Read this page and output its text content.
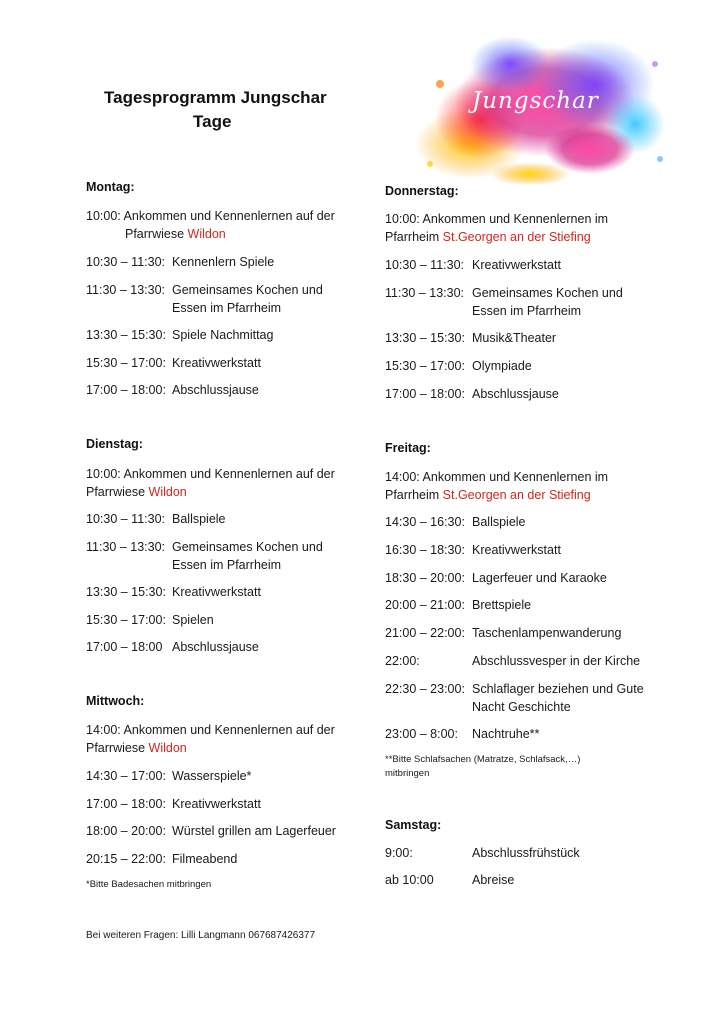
Tagesprogramm Jungschar
Tage
Jungschar
Montag:
10:00: Ankommen und Kennenlernen auf der
Pfarrwiese Wildon
10:30 – 11:30: Kennenlern Spiele
11:30 – 13:30: Gemeinsames Kochen und
Essen im Pfarrheim
13:30 – 15:30: Spiele Nachmittag
15:30 – 17:00: Kreativwerkstatt
17:00 – 18:00: Abschlussjause
Dienstag:
10:00: Ankommen und Kennenlernen auf der
Pfarrwiese Wildon
10:30 – 11:30: Ballspiele
11:30 – 13:30: Gemeinsames Kochen und
Essen im Pfarrheim
13:30 – 15:30: Kreativwerkstatt
15:30 – 17:00: Spielen
17:00 – 18:00 Abschlussjause
Mittwoch:
14:00: Ankommen und Kennenlernen auf der
Pfarrwiese Wildon
14:30 – 17:00: Wasserspiele*
17:00 – 18:00: Kreativwerkstatt
18:00 – 20:00: Würstel grillen am Lagerfeuer
20:15 – 22:00: Filmeabend
*Bitte Badesachen mitbringen
Bei weiteren Fragen: Lilli Langmann 067687426377
Donnerstag:
10:00: Ankommen und Kennenlernen im
Pfarrheim St.Georgen an der Stiefing
10:30 – 11:30: Kreativwerkstatt
11:30 – 13:30: Gemeinsames Kochen und
Essen im Pfarrheim
13:30 – 15:30: Musik&Theater
15:30 – 17:00: Olympiade
17:00 – 18:00: Abschlussjause
Freitag:
14:00: Ankommen und Kennenlernen im
Pfarrheim St.Georgen an der Stiefing
14:30 – 16:30: Ballspiele
16:30 – 18:30: Kreativwerkstatt
18:30 – 20:00: Lagerfeuer und Karaoke
20:00 – 21:00: Brettspiele
21:00 – 22:00: Taschenlampenwanderung
22:00:	Abschlussvesper in der Kirche
22:30 – 23:00: Schlaflager beziehen und Gute
Nacht Geschichte
23:00 – 8:00: Nachtruhe**
**Bitte Schlafsachen (Matratze, Schlafsack,…)
mitbringen
Samstag:
9:00:	Abschlussfrühstück
ab 10:00	Abreise
